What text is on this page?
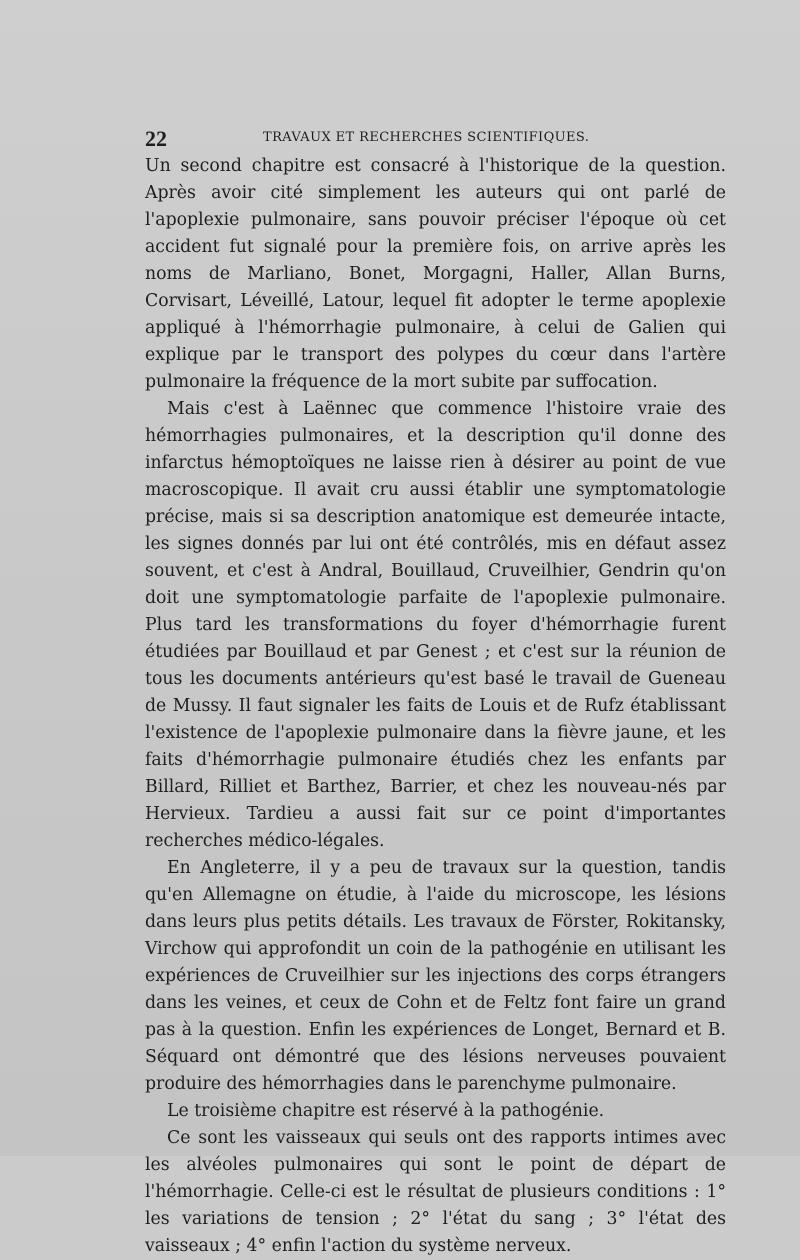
22	TRAVAUX ET RECHERCHES SCIENTIFIQUES.

Un second chapitre est consacré à l'historique de la question. Après avoir cité simplement les auteurs qui ont parlé de l'apoplexie pulmonaire, sans pouvoir préciser l'époque où cet accident fut signalé pour la première fois, on arrive après les noms de Marliano, Bonet, Morgagni, Haller, Allan Burns, Corvisart, Léveillé, Latour, lequel fit adopter le terme apoplexie appliqué à l'hémorrhagie pulmonaire, à celui de Galien qui explique par le transport des polypes du cœur dans l'artère pulmonaire la fréquence de la mort subite par suffocation.

Mais c'est à Laënnec que commence l'histoire vraie des hémorrhagies pulmonaires, et la description qu'il donne des infarctus hémoptoïques ne laisse rien à désirer au point de vue macroscopique. Il avait cru aussi établir une symptomatologie précise, mais si sa description anatomique est demeurée intacte, les signes donnés par lui ont été contrôlés, mis en défaut assez souvent, et c'est à Andral, Bouillaud, Cruveilhier, Gendrin qu'on doit une symptomatologie parfaite de l'apoplexie pulmonaire. Plus tard les transformations du foyer d'hémorrhagie furent étudiées par Bouillaud et par Genest ; et c'est sur la réunion de tous les documents antérieurs qu'est basé le travail de Gueneau de Mussy. Il faut signaler les faits de Louis et de Rufz établissant l'existence de l'apoplexie pulmonaire dans la fièvre jaune, et les faits d'hémorrhagie pulmonaire étudiés chez les enfants par Billard, Rilliet et Barthez, Barrier, et chez les nouveau-nés par Hervieux. Tardieu a aussi fait sur ce point d'importantes recherches médico-légales.

En Angleterre, il y a peu de travaux sur la question, tandis qu'en Allemagne on étudie, à l'aide du microscope, les lésions dans leurs plus petits détails. Les travaux de Förster, Rokitansky, Virchow qui approfondit un coin de la pathogénie en utilisant les expériences de Cruveilhier sur les injections des corps étrangers dans les veines, et ceux de Cohn et de Feltz font faire un grand pas à la question. Enfin les expériences de Longet, Bernard et B. Séquard ont démontré que des lésions nerveuses pouvaient produire des hémorrhagies dans le parenchyme pulmonaire.

Le troisième chapitre est réservé à la pathogénie.

Ce sont les vaisseaux qui seuls ont des rapports intimes avec les alvéoles pulmonaires qui sont le point de départ de l'hémorrhagie. Celle-ci est le résultat de plusieurs conditions : 1° les variations de tension ; 2° l'état du sang ; 3° l'état des vaisseaux ; 4° enfin l'action du système nerveux.
